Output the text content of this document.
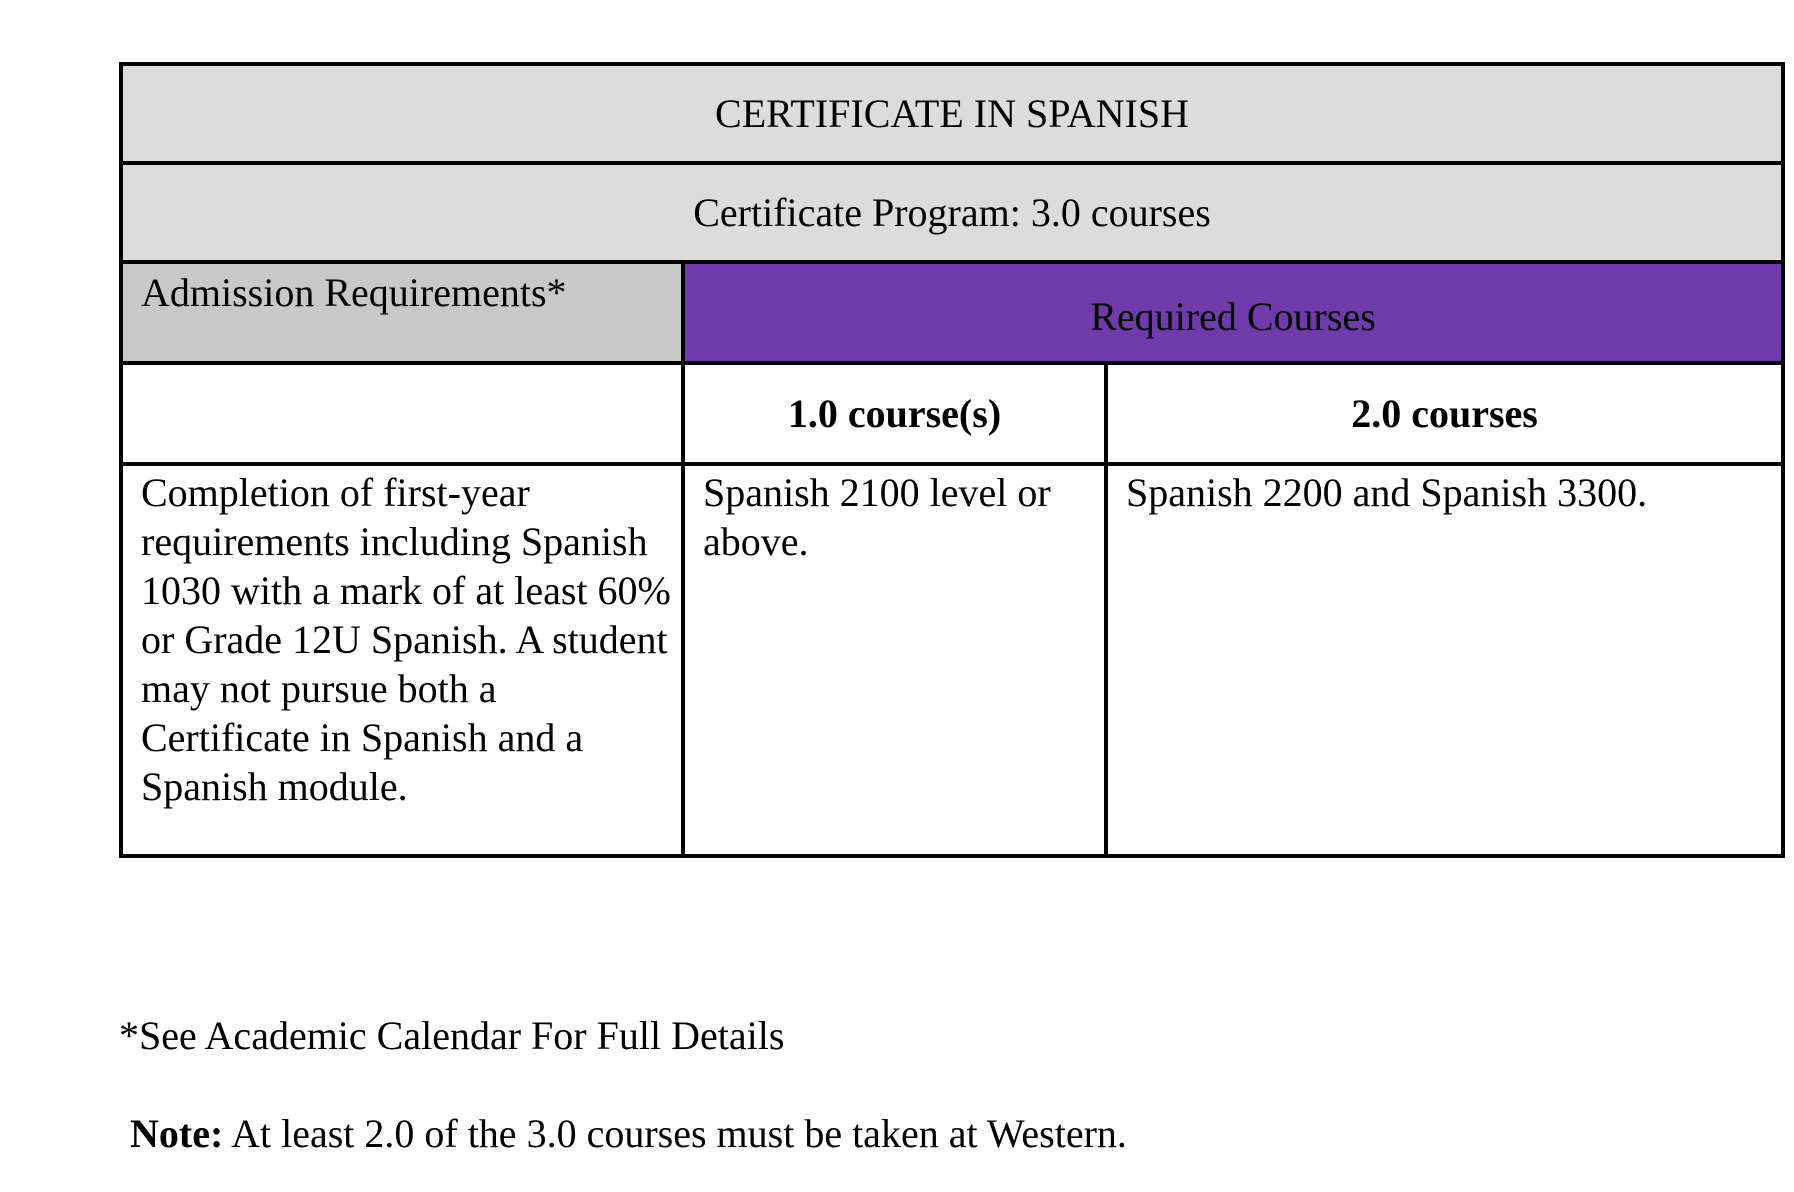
CERTIFICATE IN SPANISH		
Certificate Program: 3.0 courses		

Admission Requirements*	Required Courses	

	1.0 course(s)	2.0 courses

Completion of first-year requirements including Spanish 1030 with a mark of at least 60% or Grade 12U Spanish. A student may not pursue both a Certificate in Spanish and a Spanish module.	Spanish 2100 level or above.	Spanish 2200 and Spanish 3300.
*See Academic Calendar For Full Details
Note: At least 2.0 of the 3.0 courses must be taken at Western.
